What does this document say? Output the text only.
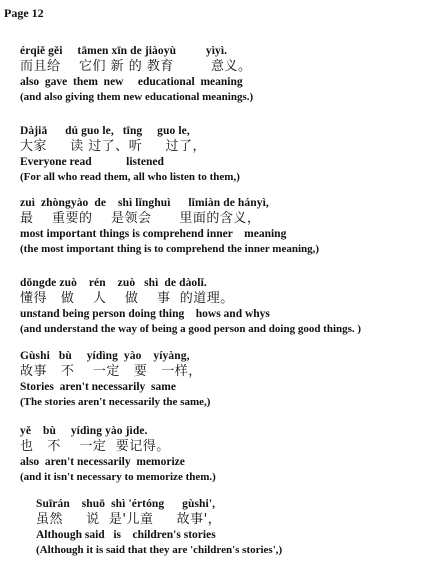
Page 12
érqiě gěi     tāmen xīn de jiàoyù          yìyì.
而且给    它们 新 的 教育        意义。
also  gave  them  new     educational  meaning
(and also giving them new educational meanings.)
Dàjiā      dú guo le,   tīng     guo le,
大家     读 过了、听     过了，
Everyone read            listened
(For all who read them, all who listen to them,)
zuì  zhòngyào  de    shì lǐnghuì      lǐmiàn de hányì,
最    重要的    是领会      里面的含义，
most important things is comprehend inner    meaning
(the most important thing is to comprehend the inner meaning,)
dǒngde zuò    rén    zuò   shì  de dàolǐ.
懂得   做    人    做    事  的道理。
unstand being person doing thing    hows and whys
(and understand the way of being a good person and doing good things. )
Gùshi   bù     yídìng  yào    yíyàng,
故事   不    一定   要   一样，
Stories  aren't necessarily  same
(The stories aren't necessarily the same,)
yě    bù     yídìng yào jìde.
也   不    一定  要记得。
also  aren't necessarily  memorize
(and it isn't necessary to memorize them.)
Suīrán    shuō  shì 'értóng      gùshi',
虽然     说  是'儿童     故事'，
Although said   is    children's stories
(Although it is said that they are 'children's stories',)
